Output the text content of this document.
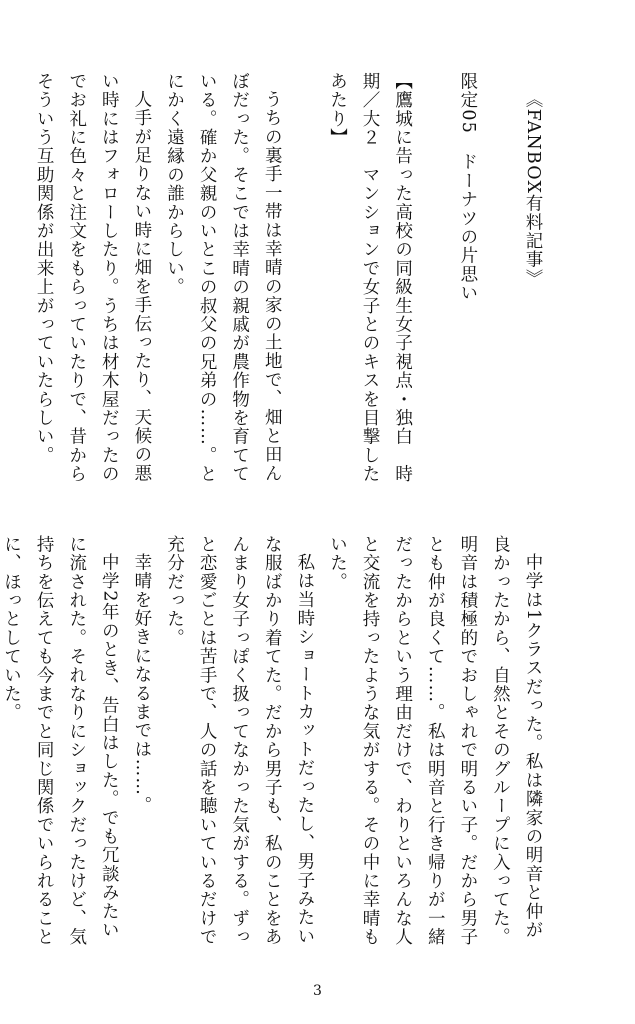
《FANBOX有料記事》
限定05　ドーナツの片思い
【鷹城に告った高校の同級生女子視点・独白　時
期／大２　マンションで女子とのキスを目撃した
あたり】
うちの裏手一帯は幸晴の家の土地で、畑と田ん
ぼだった。そこでは幸晴の親戚が農作物を育てて
いる。確か父親のいとこの叔父の兄弟の……。と
にかく遠縁の誰からしい。
人手が足りない時に畑を手伝ったり、天候の悪
い時にはフォローしたり。うちは材木屋だったの
でお礼に色々と注文をもらっていたりで、昔から
そういう互助関係が出来上がっていたらしい。
中学は1クラスだった。私は隣家の明音と仲が
良かったから、自然とそのグループに入ってた。
明音は積極的でおしゃれで明るい子。だから男子
とも仲が良くて……。私は明音と行き帰りが一緒
だったからという理由だけで、わりといろんな人
と交流を持ったような気がする。その中に幸晴も
いた。
私は当時ショートカットだったし、男子みたい
な服ばかり着てた。だから男子も、私のことをあ
んまり女子っぽく扱ってなかった気がする。ずっ
と恋愛ごとは苦手で、人の話を聴いているだけで
充分だった。
幸晴を好きになるまでは……。
中学2年のとき、告白はした。でも冗談みたい
に流された。それなりにショックだったけど、気
持ちを伝えても今までと同じ関係でいられること
に、ほっとしていた。
3
